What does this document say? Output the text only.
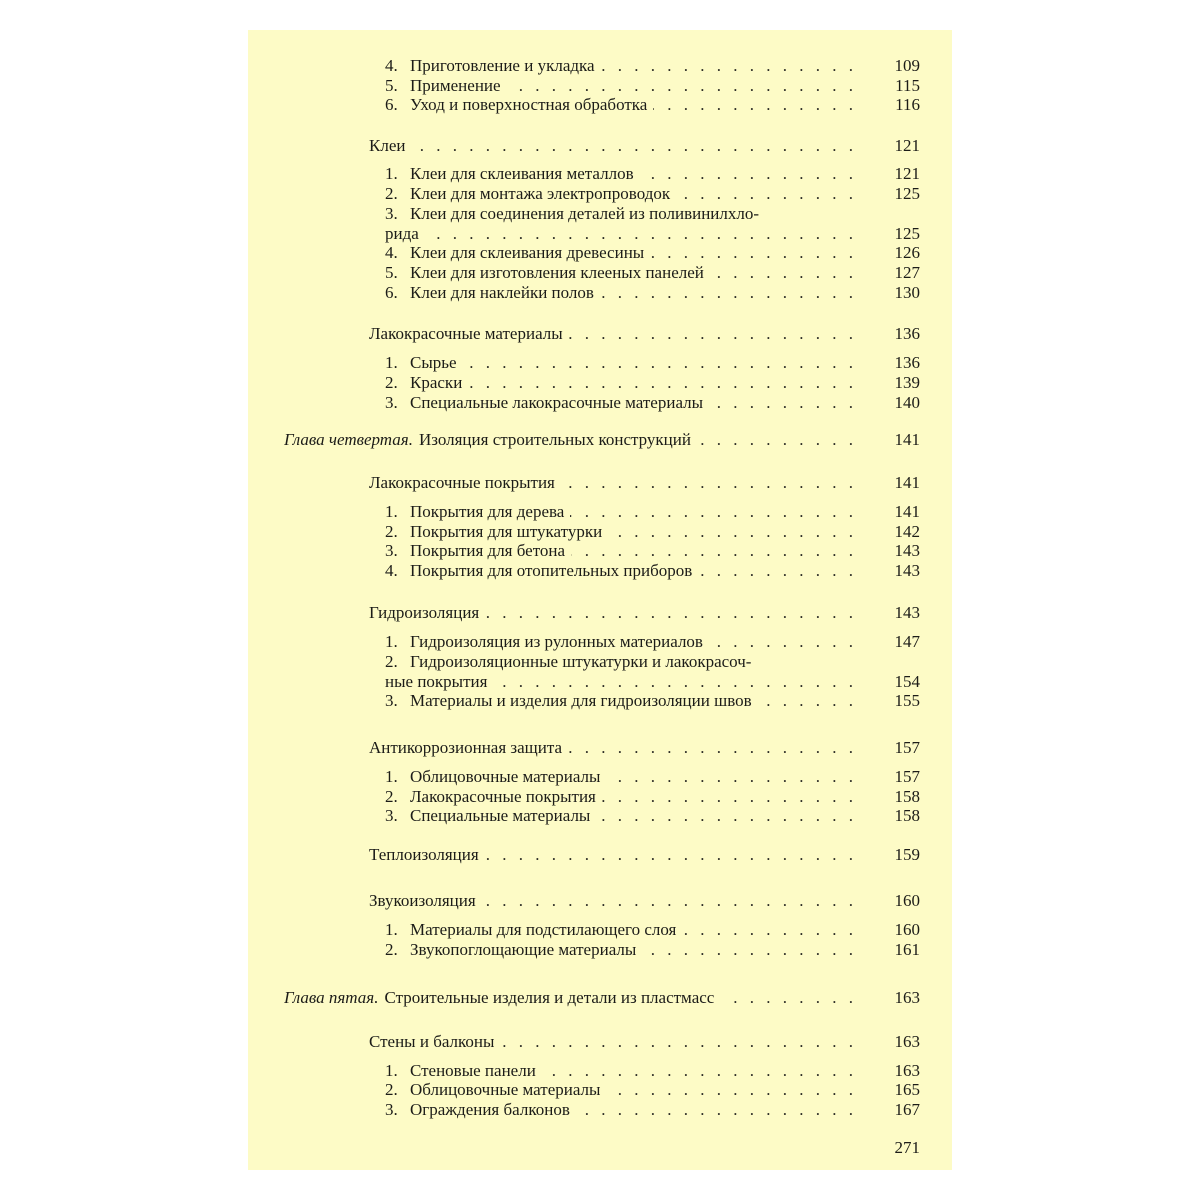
4. Приготовление и укладка . . .	109
5. Применение . . .	115
6. Уход и поверхностная обработка . . .	116
Клеи . . .	121
1. Клеи для склеивания металлов . . .	121
2. Клеи для монтажа электропроводок . . .	125
3. Клеи для соединения деталей из поливинилхло-
рида . . .	125
4. Клеи для склеивания древесины . . .	126
5. Клеи для изготовления клееных панелей . . .	127
6. Клеи для наклейки полов . . .	130
Лакокрасочные материалы . . .	136
1. Сырье . . .	136
2. Краски . . .	139
3. Специальные лакокрасочные материалы . . .	140
Глава четвертая. Изоляция строительных конструкций . . .	141
Лакокрасочные покрытия . . .	141
1. Покрытия для дерева . . .	141
2. Покрытия для штукатурки . . .	142
3. Покрытия для бетона . . .	143
4. Покрытия для отопительных приборов . . .	143
Гидроизоляция . . .	143
1. Гидроизоляция из рулонных материалов . . .	147
2. Гидроизоляционные штукатурки и лакокрасоч-
ные покрытия . . .	154
3. Материалы и изделия для гидроизоляции швов . . .	155
Антикоррозионная защита . . .	157
1. Облицовочные материалы . . .	157
2. Лакокрасочные покрытия . . .	158
3. Специальные материалы . . .	158
Теплоизоляция . . .	159
Звукоизоляция . . .	160
1. Материалы для подстилающего слоя . . .	160
2. Звукопоглощающие материалы . . .	161
Глава пятая. Строительные изделия и детали из пластмасс . . .	163
Стены и балконы . . .	163
1. Стеновые панели . . .	163
2. Облицовочные материалы . . .	165
3. Ограждения балконов . . .	167
271
